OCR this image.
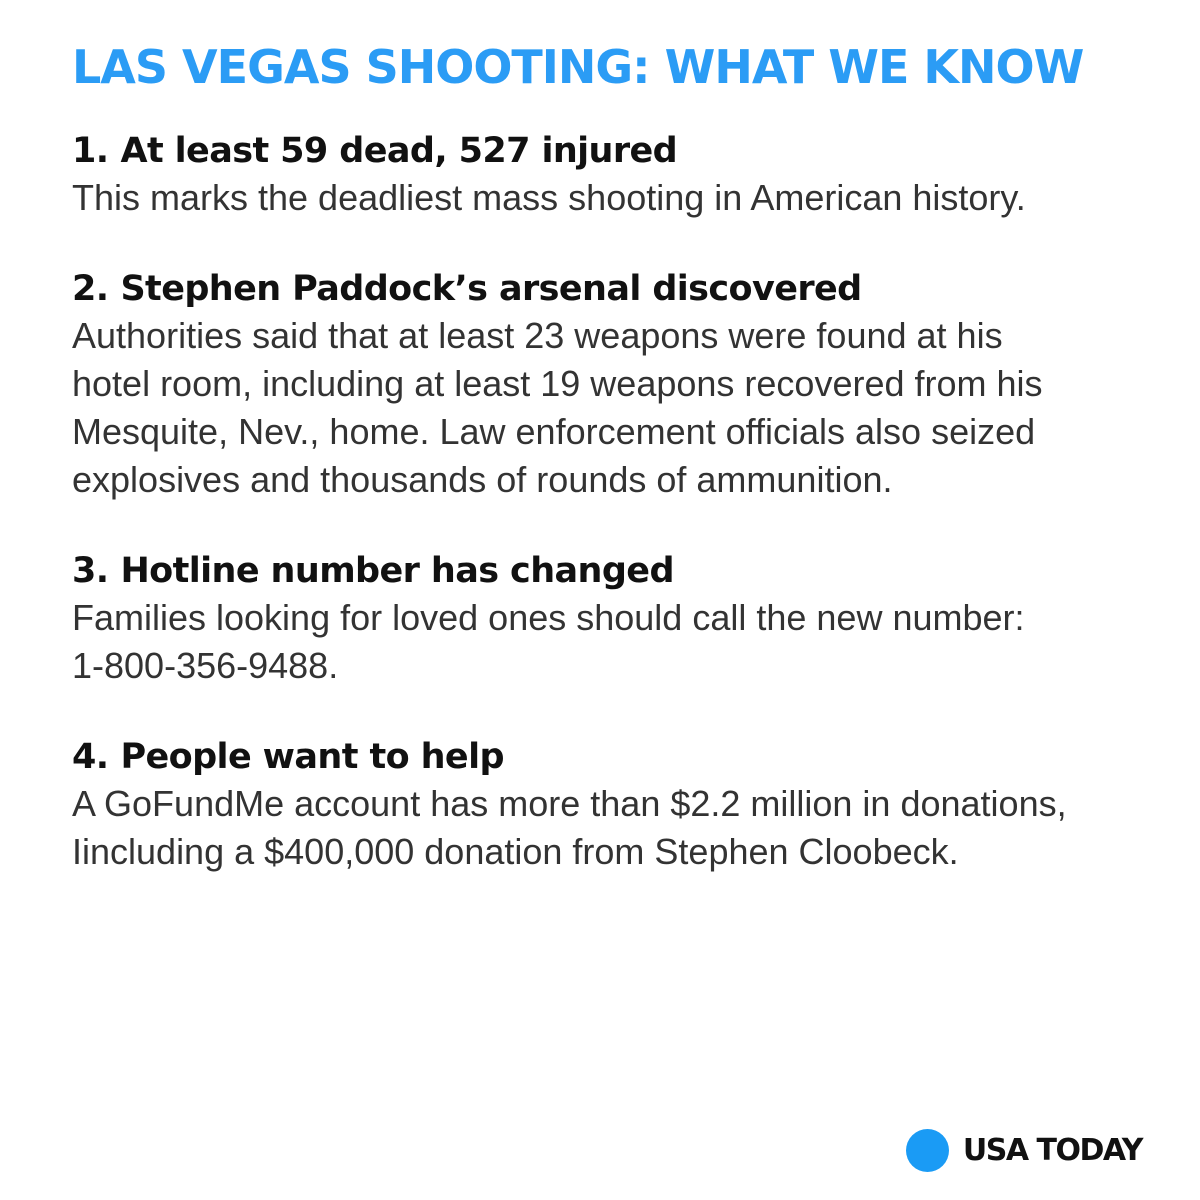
LAS VEGAS SHOOTING: WHAT WE KNOW

1. At least 59 dead, 527 injured

This marks the deadliest mass shooting in American history.

2. Stephen Paddock’s arsenal discovered

Authorities said that at least 23 weapons were found at his
hotel room, including at least 19 weapons recovered from his
Mesquite, Nev., home. Law enforcement officials also seized
explosives and thousands of rounds of ammunition.

3. Hotline number has changed

Families looking for loved ones should call the new number:
1-800-356-9488.

4. People want to help

A GoFundMe account has more than $2.2 million in donations,
Iincluding a $400,000 donation from Stephen Cloobeck.

USA TODAY
